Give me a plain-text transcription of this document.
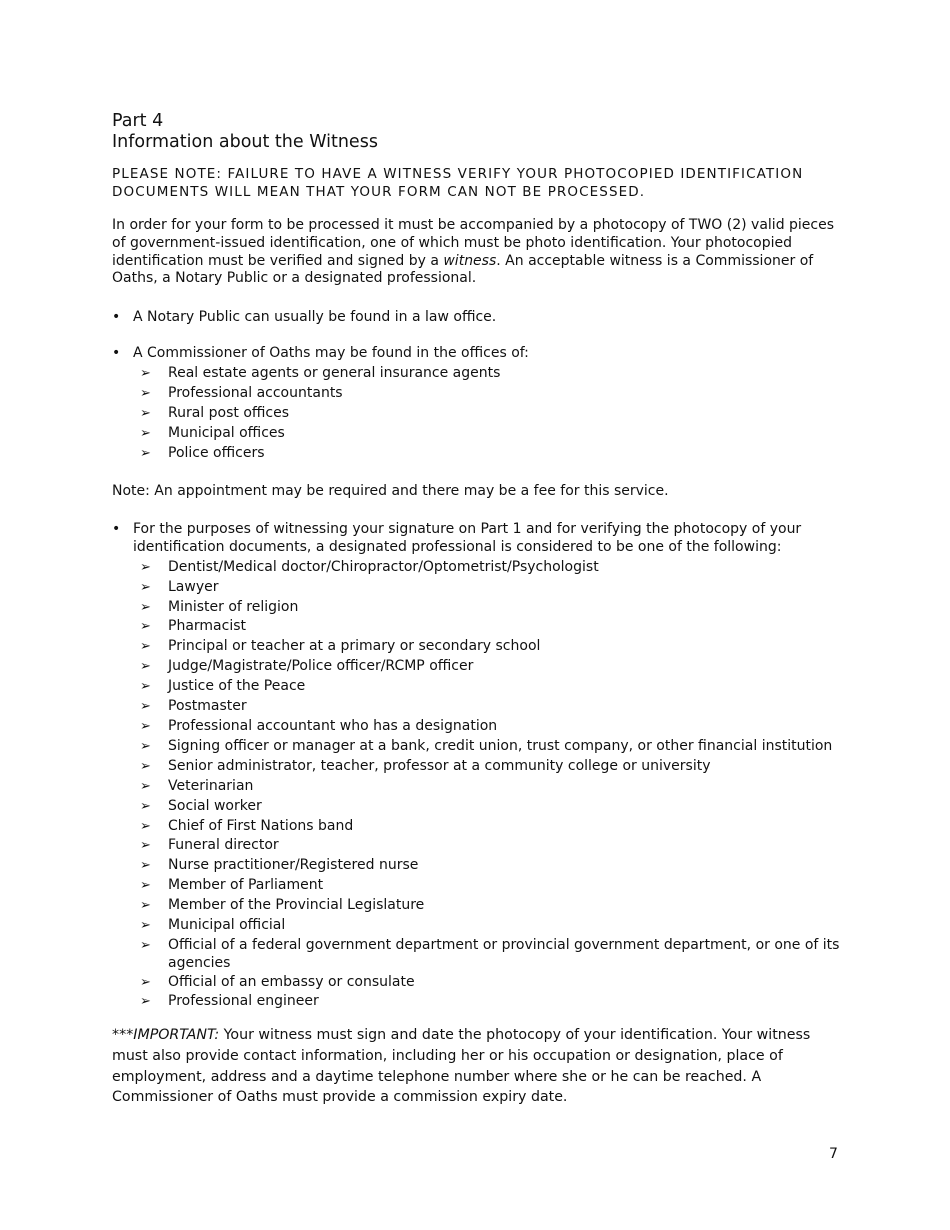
Part 4
Information about the Witness

PLEASE NOTE: FAILURE TO HAVE A WITNESS VERIFY YOUR PHOTOCOPIED IDENTIFICATION DOCUMENTS WILL MEAN THAT YOUR FORM CAN NOT BE PROCESSED.

In order for your form to be processed it must be accompanied by a photocopy of TWO (2) valid pieces of government-issued identification, one of which must be photo identification. Your photocopied identification must be verified and signed by a witness. An acceptable witness is a Commissioner of Oaths, a Notary Public or a designated professional.

• A Notary Public can usually be found in a law office.
• A Commissioner of Oaths may be found in the offices of:
➢ Real estate agents or general insurance agents
➢ Professional accountants
➢ Rural post offices
➢ Municipal offices
➢ Police officers

Note: An appointment may be required and there may be a fee for this service.

• For the purposes of witnessing your signature on Part 1 and for verifying the photocopy of your identification documents, a designated professional is considered to be one of the following:
➢ Dentist/Medical doctor/Chiropractor/Optometrist/Psychologist
➢ Lawyer
➢ Minister of religion
➢ Pharmacist
➢ Principal or teacher at a primary or secondary school
➢ Judge/Magistrate/Police officer/RCMP officer
➢ Justice of the Peace
➢ Postmaster
➢ Professional accountant who has a designation
➢ Signing officer or manager at a bank, credit union, trust company, or other financial institution
➢ Senior administrator, teacher, professor at a community college or university
➢ Veterinarian
➢ Social worker
➢ Chief of First Nations band
➢ Funeral director
➢ Nurse practitioner/Registered nurse
➢ Member of Parliament
➢ Member of the Provincial Legislature
➢ Municipal official
➢ Official of a federal government department or provincial government department, or one of its agencies
➢ Official of an embassy or consulate
➢ Professional engineer

***IMPORTANT: Your witness must sign and date the photocopy of your identification. Your witness must also provide contact information, including her or his occupation or designation, place of employment, address and a daytime telephone number where she or he can be reached. A Commissioner of Oaths must provide a commission expiry date.

7
